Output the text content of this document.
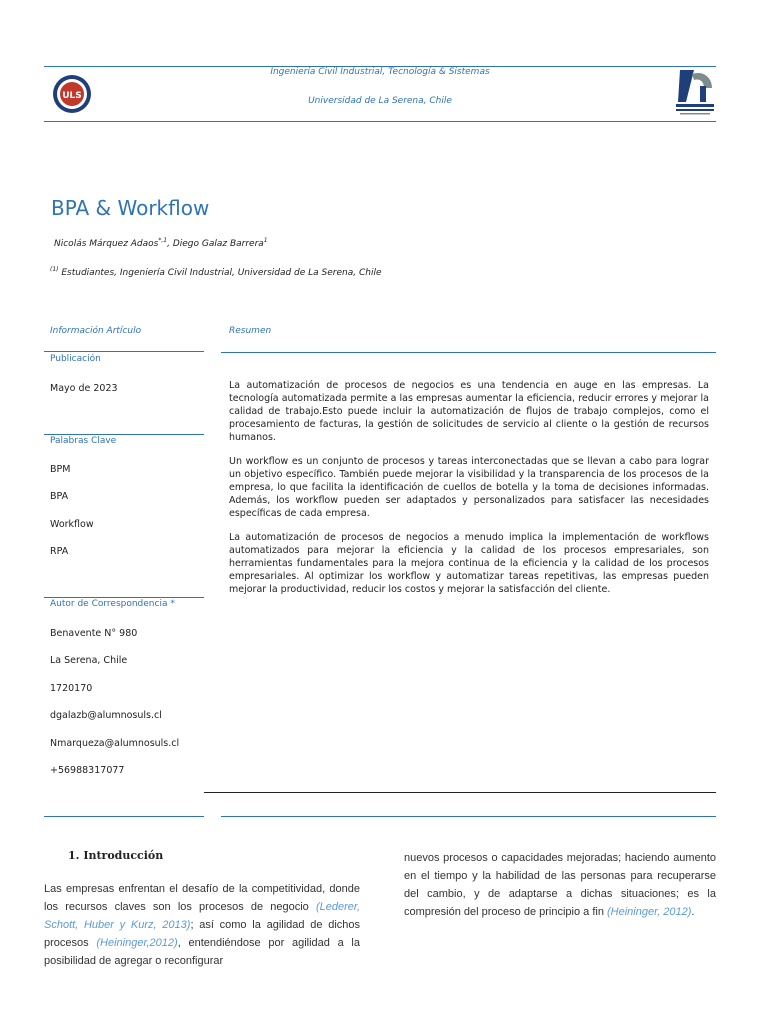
Ingeniería Civil Industrial, Tecnología & Sistemas
Universidad de La Serena, Chile
ULS
BPA & Workflow
Nicolás Márquez Adaos$^{*,1}$, Diego Galaz Barrera$^1$
$^{(1)}$ Estudiantes, Ingeniería Civil Industrial, Universidad de La Serena, Chile
Información Artículo
Publicación
Mayo de 2023
Palabras Clave
BPM
BPA
Workflow
RPA
Autor de Correspondencia *
Benavente N° 980
La Serena, Chile
1720170
dgalazb@alumnosuls.cl
Nmarqueza@alumnosuls.cl
+56988317077
Resumen

La automatización de procesos de negocios es una tendencia en auge en las empresas. La tecnología automatizada permite a las empresas aumentar la eficiencia, reducir errores y mejorar la calidad de trabajo.Esto puede incluir la automatización de flujos de trabajo complejos, como el procesamiento de facturas, la gestión de solicitudes de servicio al cliente o la gestión de recursos humanos.

Un workflow es un conjunto de procesos y tareas interconectadas que se llevan a cabo para lograr un objetivo específico. También puede mejorar la visibilidad y la transparencia de los procesos de la empresa, lo que facilita la identificación de cuellos de botella y la toma de decisiones informadas. Además, los workflow pueden ser adaptados y personalizados para satisfacer las necesidades específicas de cada empresa.

La automatización de procesos de negocios a menudo implica la implementación de workflows automatizados para mejorar la eficiencia y la calidad de los procesos empresariales, son herramientas fundamentales para la mejora continua de la eficiencia y la calidad de los procesos empresariales. Al optimizar los workflow y automatizar tareas repetitivas, las empresas pueden mejorar la productividad, reducir los costos y mejorar la satisfacción del cliente.

1. Introducción
Las empresas enfrentan el desafío de la competitividad, donde los recursos claves son los procesos de negocio (Lederer, Schott, Huber y Kurz, 2013); así como la agilidad de dichos procesos (Heininger,2012), entendiéndose por agilidad a la posibilidad de agregar o reconfigurar
nuevos procesos o capacidades mejoradas; haciendo aumento en el tiempo y la habilidad de las personas para recuperarse del cambio, y de adaptarse a dichas situaciones; es la compresión del proceso de principio a fin (Heininger, 2012).
